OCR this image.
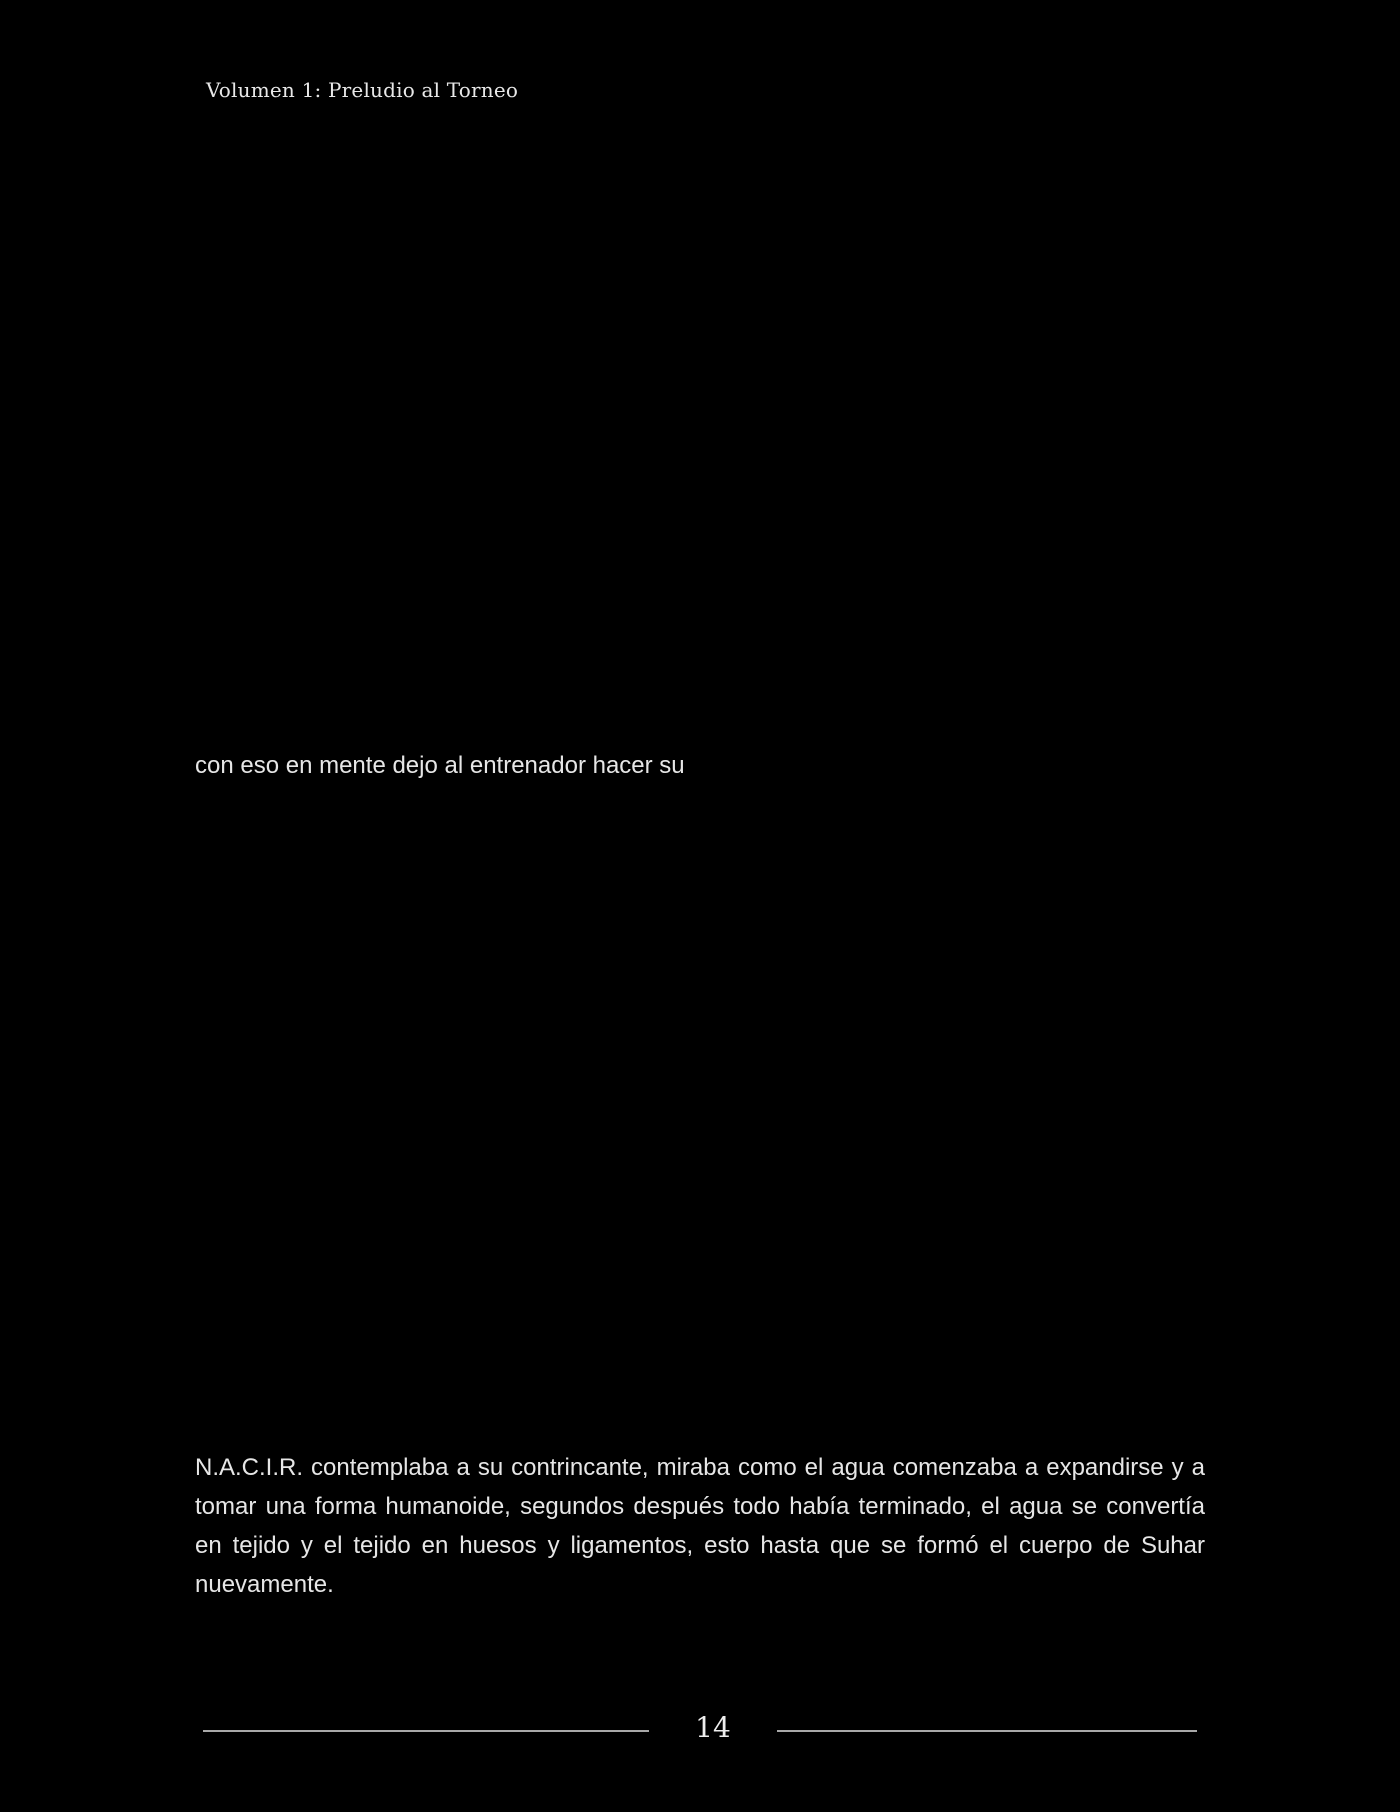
Volumen 1: Preludio al Torneo

con eso en mente dejo al entrenador hacer su

N.A.C.I.R. contemplaba a su contrincante, miraba como el agua comenzaba a expandirse y a tomar una forma humanoide, segundos después todo había terminado, el agua se convertía en tejido y el tejido en huesos y ligamentos, esto hasta que se formó el cuerpo de Suhar nuevamente.

14
